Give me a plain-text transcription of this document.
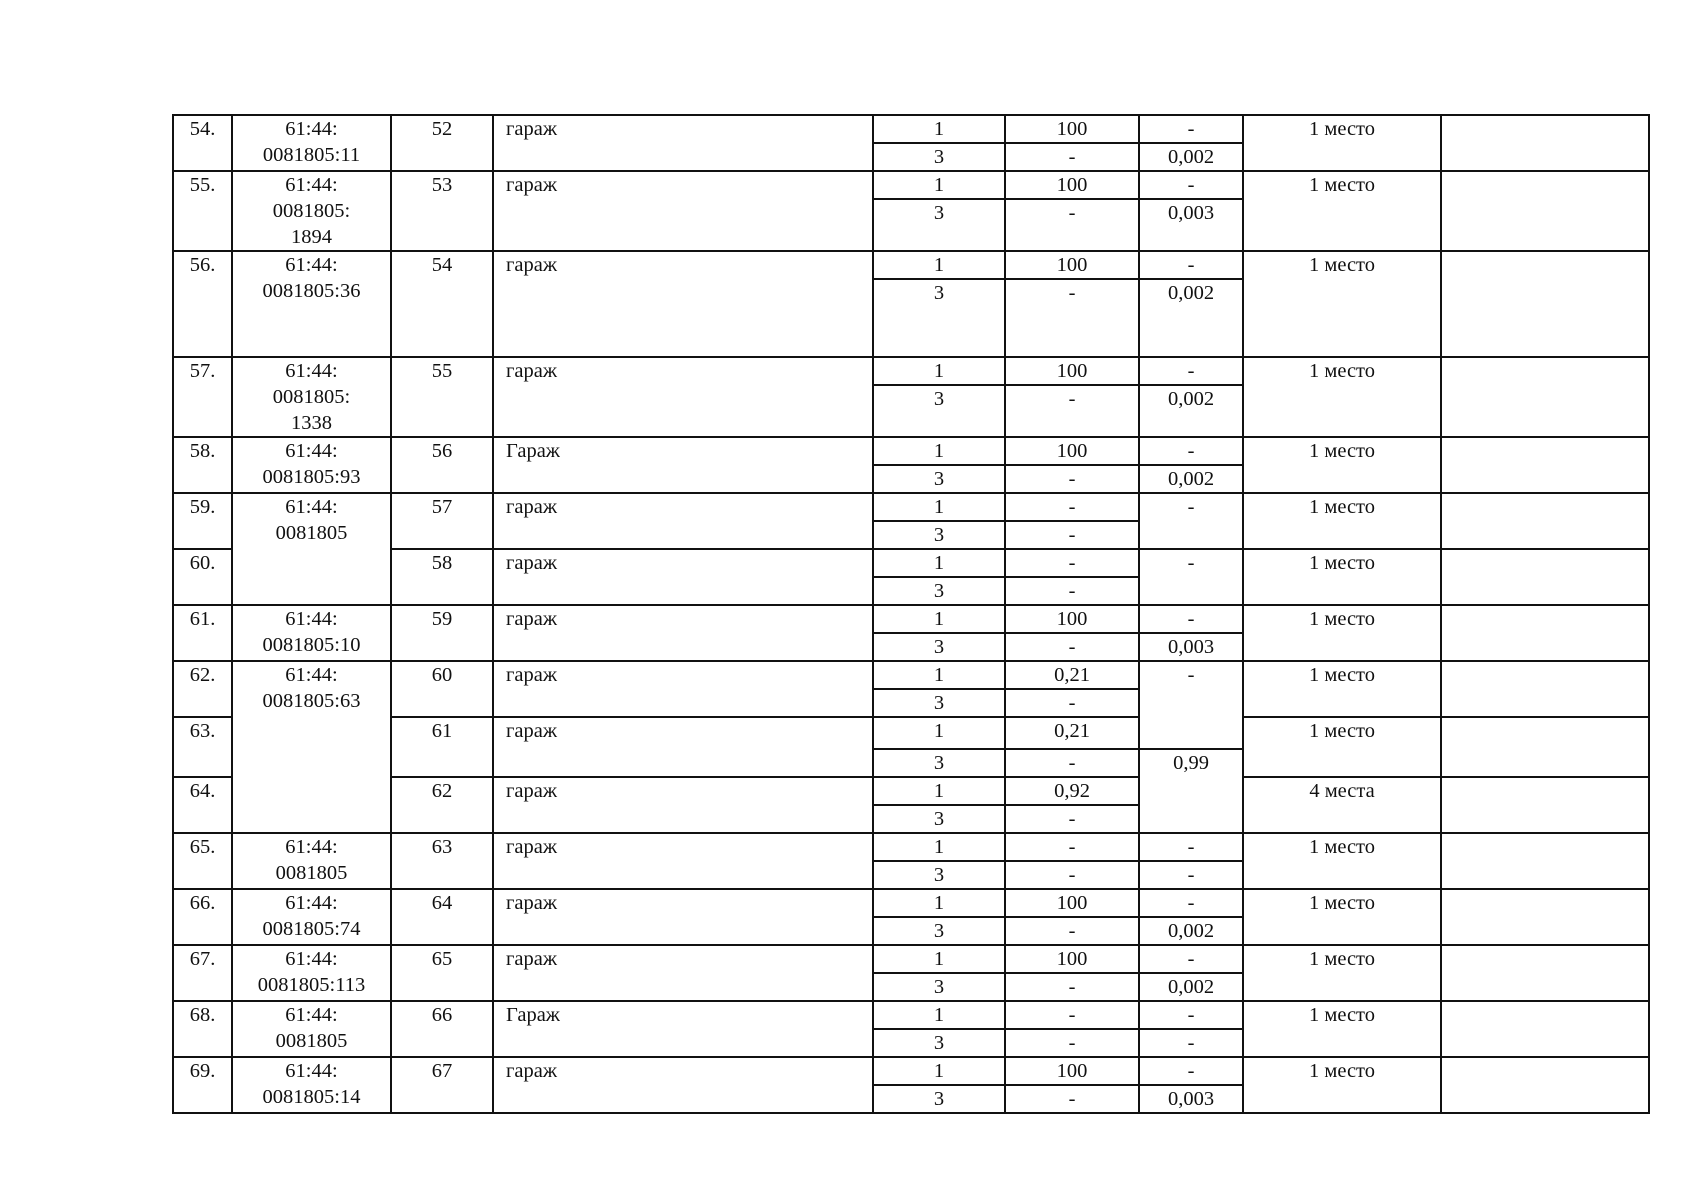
54.	61:44:
0081805:11	52	гараж	1	100	-	1 место	
				3	-	0,002		
55.	61:44:
0081805:
1894	53	гараж	1	100	-	1 место	
				3	-	0,003		
56.	61:44:
0081805:36	54	гараж	1	100	-	1 место	
				3	-	0,002		
57.	61:44:
0081805:
1338	55	гараж	1	100	-	1 место	
				3	-	0,002		
58.	61:44:
0081805:93	56	Гараж	1	100	-	1 место	
				3	-	0,002		
59.	61:44:
0081805	57	гараж	1	-	-	1 место	
				3	-			
60.		58	гараж	1	-	-	1 место	
				3	-			
61.	61:44:
0081805:10	59	гараж	1	100	-	1 место	
				3	-	0,003		
62.	61:44:
0081805:63	60	гараж	1	0,21	-	1 место	
				3	-			
63.		61	гараж	1	0,21		1 место	
				3	-	0,99		
64.		62	гараж	1	0,92		4 места	
				3	-			
65.	61:44:
0081805	63	гараж	1	-	-	1 место	
				3	-	-		
66.	61:44:
0081805:74	64	гараж	1	100	-	1 место	
				3	-	0,002		
67.	61:44:
0081805:113	65	гараж	1	100	-	1 место	
				3	-	0,002		
68.	61:44:
0081805	66	Гараж	1	-	-	1 место	
				3	-	-		
69.	61:44:
0081805:14	67	гараж	1	100	-	1 место	
				3	-	0,003		
